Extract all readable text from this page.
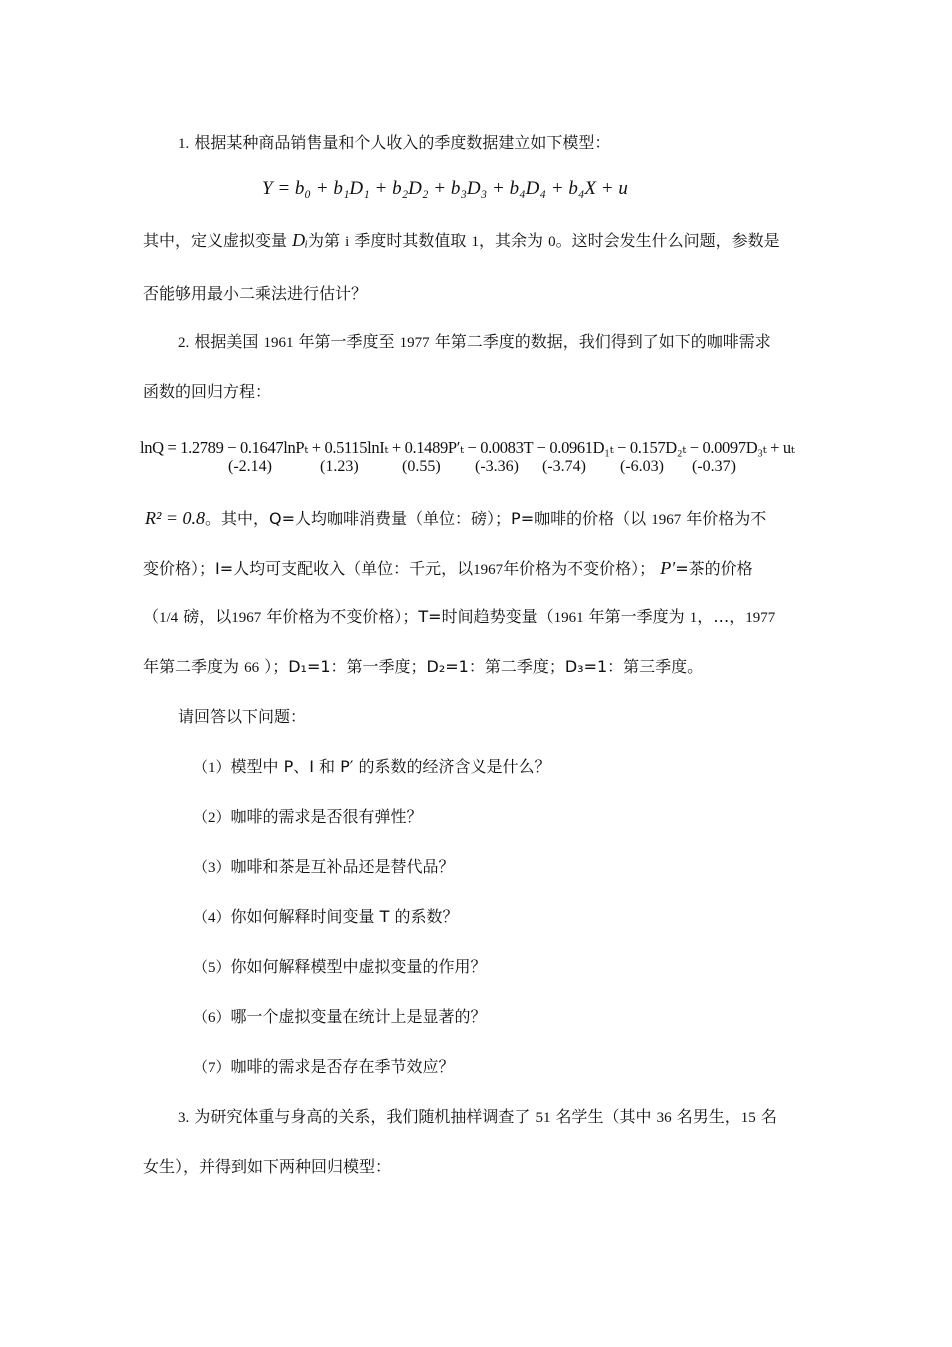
1. 根据某种商品销售量和个人收入的季度数据建立如下模型：
Y = b₀ + b₁D₁ + b₂D₂ + b₃D₃ + b₄D₄ + b₄X + u
其中，定义虚拟变量 Dᵢ为第 i 季度时其数值取 1，其余为 0。这时会发生什么问题，参数是
否能够用最小二乘法进行估计？
2. 根据美国 1961 年第一季度至 1977 年第二季度的数据，我们得到了如下的咖啡需求
函数的回归方程：
lnQ = 1.2789 − 0.1647lnPₜ + 0.5115lnIₜ + 0.1489P′ₜ − 0.0083T − 0.0961D₁ₜ − 0.157D₂ₜ − 0.0097D₃ₜ + uₜ
(-2.14)	(1.23)	(0.55) (-3.36) (-3.74) (-6.03) (-0.37)
R² = 0.8。其中，Q=人均咖啡消费量（单位：磅）；P=咖啡的价格（以 1967 年价格为不
变价格）；I=人均可支配收入（单位：千元，以1967年价格为不变价格）； P′=茶的价格
（1/4 磅，以1967 年价格为不变价格）；T=时间趋势变量（1961 年第一季度为 1，…，1977
年第二季度为 66 ）；D₁=1：第一季度；D₂=1：第二季度；D₃=1：第三季度。
请回答以下问题：
（1）模型中 P、I 和 P′ 的系数的经济含义是什么？
（2）咖啡的需求是否很有弹性？
（3）咖啡和茶是互补品还是替代品？
（4）你如何解释时间变量 T 的系数？
（5）你如何解释模型中虚拟变量的作用？
（6）哪一个虚拟变量在统计上是显著的？
（7）咖啡的需求是否存在季节效应？
3. 为研究体重与身高的关系，我们随机抽样调查了 51 名学生（其中 36 名男生，15 名
女生），并得到如下两种回归模型：
